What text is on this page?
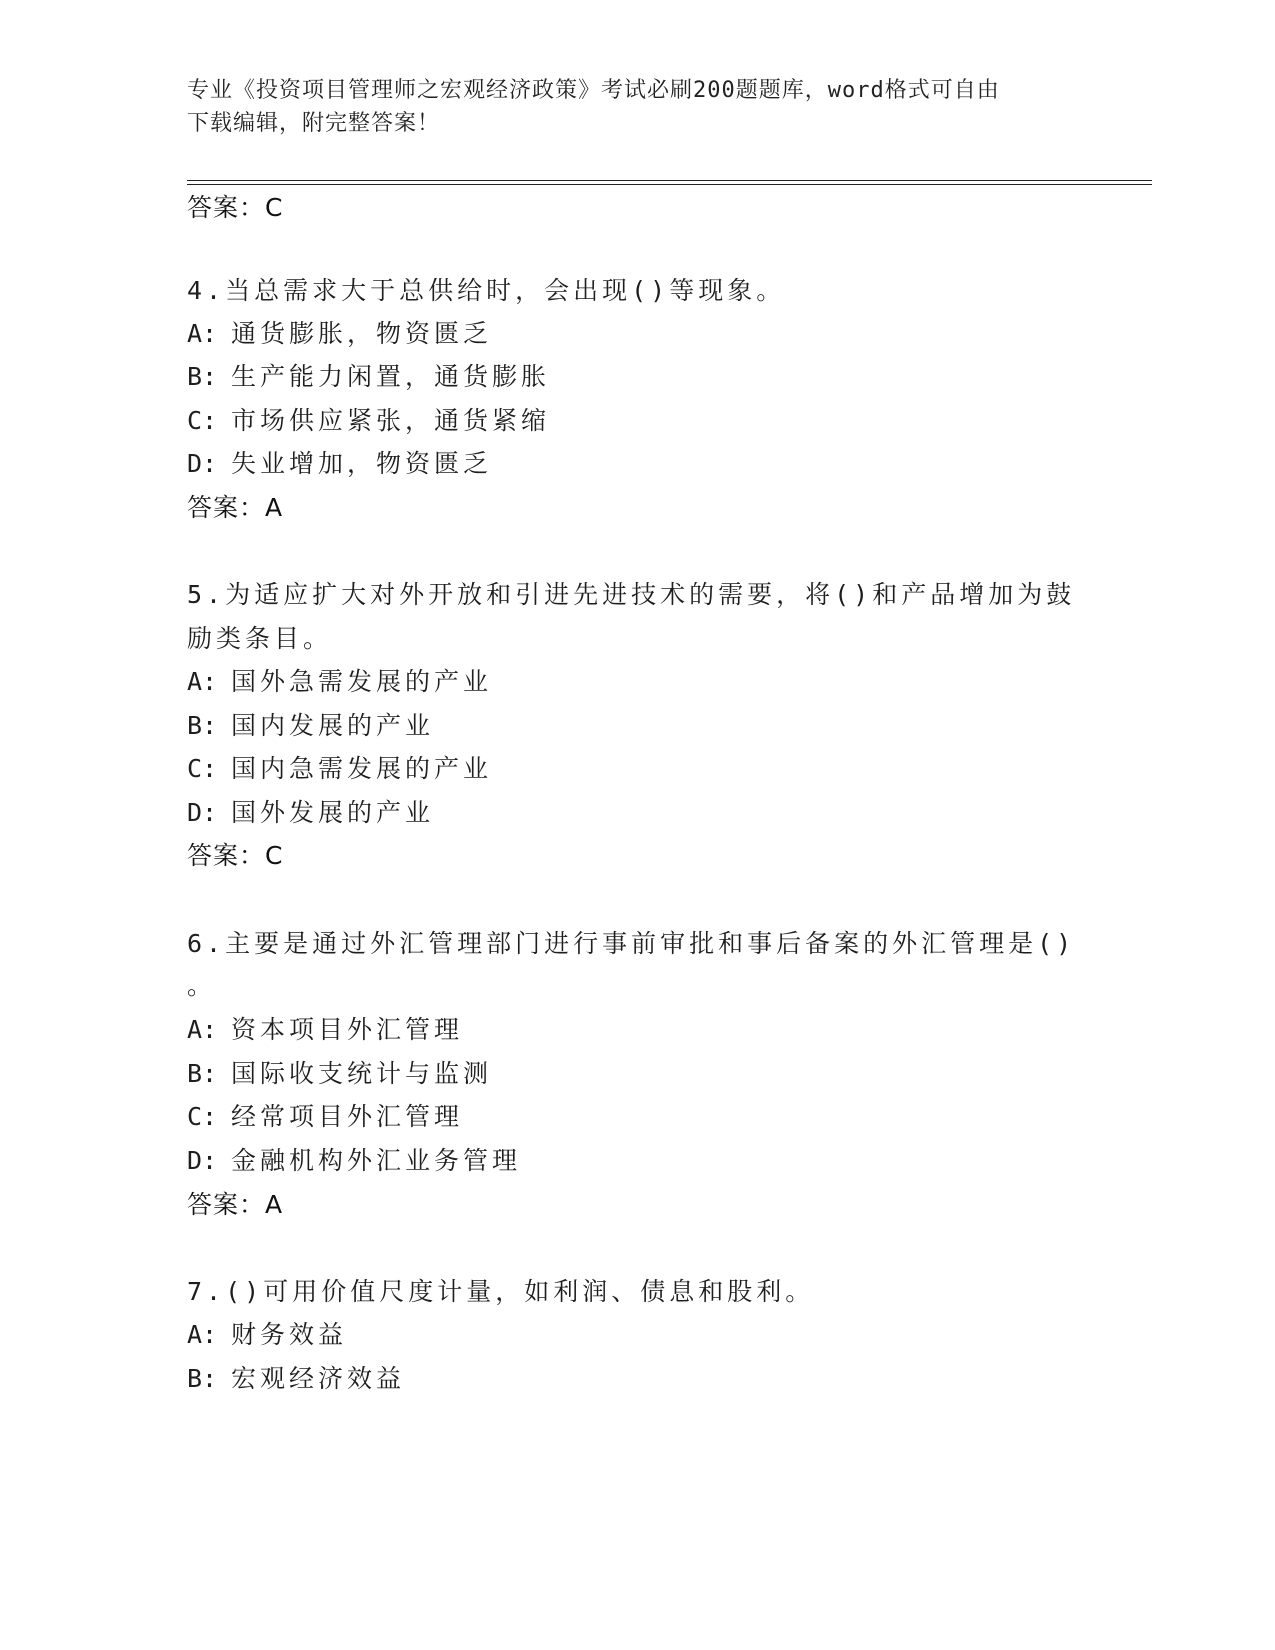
专业《投资项目管理师之宏观经济政策》考试必刷200题题库，word格式可自由
下载编辑，附完整答案！
答案：C
4.当总需求大于总供给时，会出现()等现象。
A: 通货膨胀，物资匮乏
B: 生产能力闲置，通货膨胀
C: 市场供应紧张，通货紧缩
D: 失业增加，物资匮乏
答案：A
5.为适应扩大对外开放和引进先进技术的需要，将()和产品增加为鼓
励类条目。
A: 国外急需发展的产业
B: 国内发展的产业
C: 国内急需发展的产业
D: 国外发展的产业
答案：C
6.主要是通过外汇管理部门进行事前审批和事后备案的外汇管理是()
。
A: 资本项目外汇管理
B: 国际收支统计与监测
C: 经常项目外汇管理
D: 金融机构外汇业务管理
答案：A
7.()可用价值尺度计量，如利润、债息和股利。
A: 财务效益
B: 宏观经济效益
